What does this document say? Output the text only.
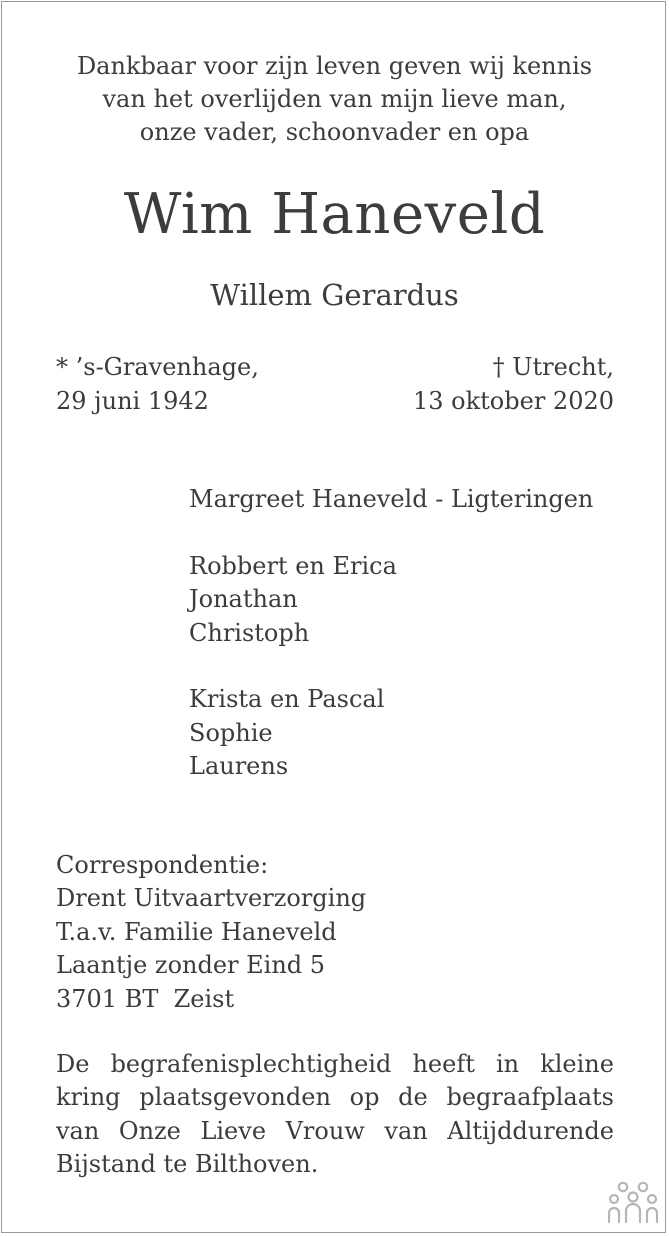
Dankbaar voor zijn leven geven wij kennis
van het overlijden van mijn lieve man,
onze vader, schoonvader en opa
Wim Haneveld
Willem Gerardus
* ’s-Gravenhage,
29 juni 1942
† Utrecht,
13 oktober 2020
Margreet Haneveld - Ligteringen
Robbert en Erica
Jonathan
Christoph
Krista en Pascal
Sophie
Laurens
Correspondentie:
Drent Uitvaartverzorging
T.a.v. Familie Haneveld
Laantje zonder Eind 5
3701 BT  Zeist
De begrafenisplechtigheid heeft in kleine
kring plaatsgevonden op de begraafplaats
van Onze Lieve Vrouw van Altijddurende
Bijstand te Bilthoven.
